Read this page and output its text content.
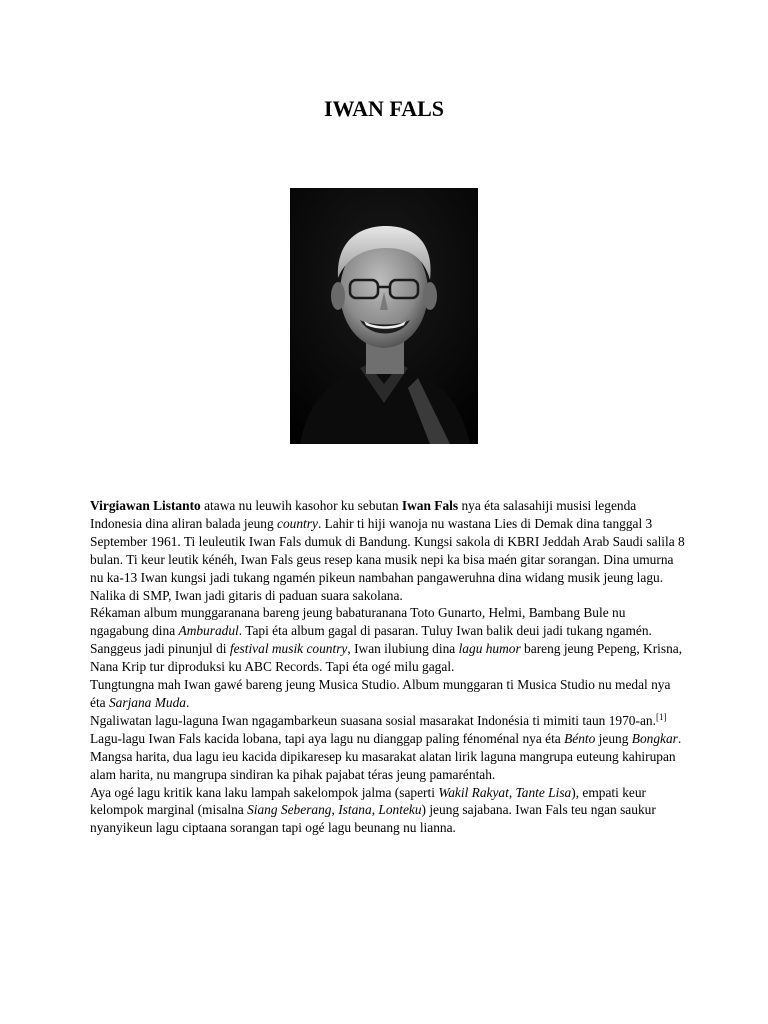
IWAN FALS

Virgiawan Listanto atawa nu leuwih kasohor ku sebutan Iwan Fals nya éta salasahiji musisi legenda Indonesia dina aliran balada jeung country. Lahir ti hiji wanoja nu wastana Lies di Demak dina tanggal 3 September 1961. Ti leuleutik Iwan Fals dumuk di Bandung. Kungsi sakola di KBRI Jeddah Arab Saudi salila 8 bulan. Ti keur leutik kénéh, Iwan Fals geus resep kana musik nepi ka bisa maén gitar sorangan. Dina umurna nu ka-13 Iwan kungsi jadi tukang ngamén pikeun nambahan pangaweruhna dina widang musik jeung lagu. Nalika di SMP, Iwan jadi gitaris di paduan suara sakolana.

Rékaman album munggaranana bareng jeung babaturanana Toto Gunarto, Helmi, Bambang Bule nu ngagabung dina Amburadul. Tapi éta album gagal di pasaran. Tuluy Iwan balik deui jadi tukang ngamén.

Sanggeus jadi pinunjul di festival musik country, Iwan ilubiung dina lagu humor bareng jeung Pepeng, Krisna, Nana Krip tur diproduksi ku ABC Records. Tapi éta ogé milu gagal.

Tungtungna mah Iwan gawé bareng jeung Musica Studio. Album munggaran ti Musica Studio nu medal nya éta Sarjana Muda.

Ngaliwatan lagu-laguna Iwan ngagambarkeun suasana sosial masarakat Indonésia ti mimiti taun 1970-an.[1] Lagu-lagu Iwan Fals kacida lobana, tapi aya lagu nu dianggap paling fénoménal nya éta Bénto jeung Bongkar. Mangsa harita, dua lagu ieu kacida dipikaresep ku masarakat alatan lirik laguna mangrupa euteung kahirupan alam harita, nu mangrupa sindiran ka pihak pajabat téras jeung pamaréntah.

Aya ogé lagu kritik kana laku lampah sakelompok jalma (saperti Wakil Rakyat, Tante Lisa), empati keur kelompok marginal (misalna Siang Seberang, Istana, Lonteku) jeung sajabana. Iwan Fals teu ngan saukur nyanyikeun lagu ciptaana sorangan tapi ogé lagu beunang nu lianna.
